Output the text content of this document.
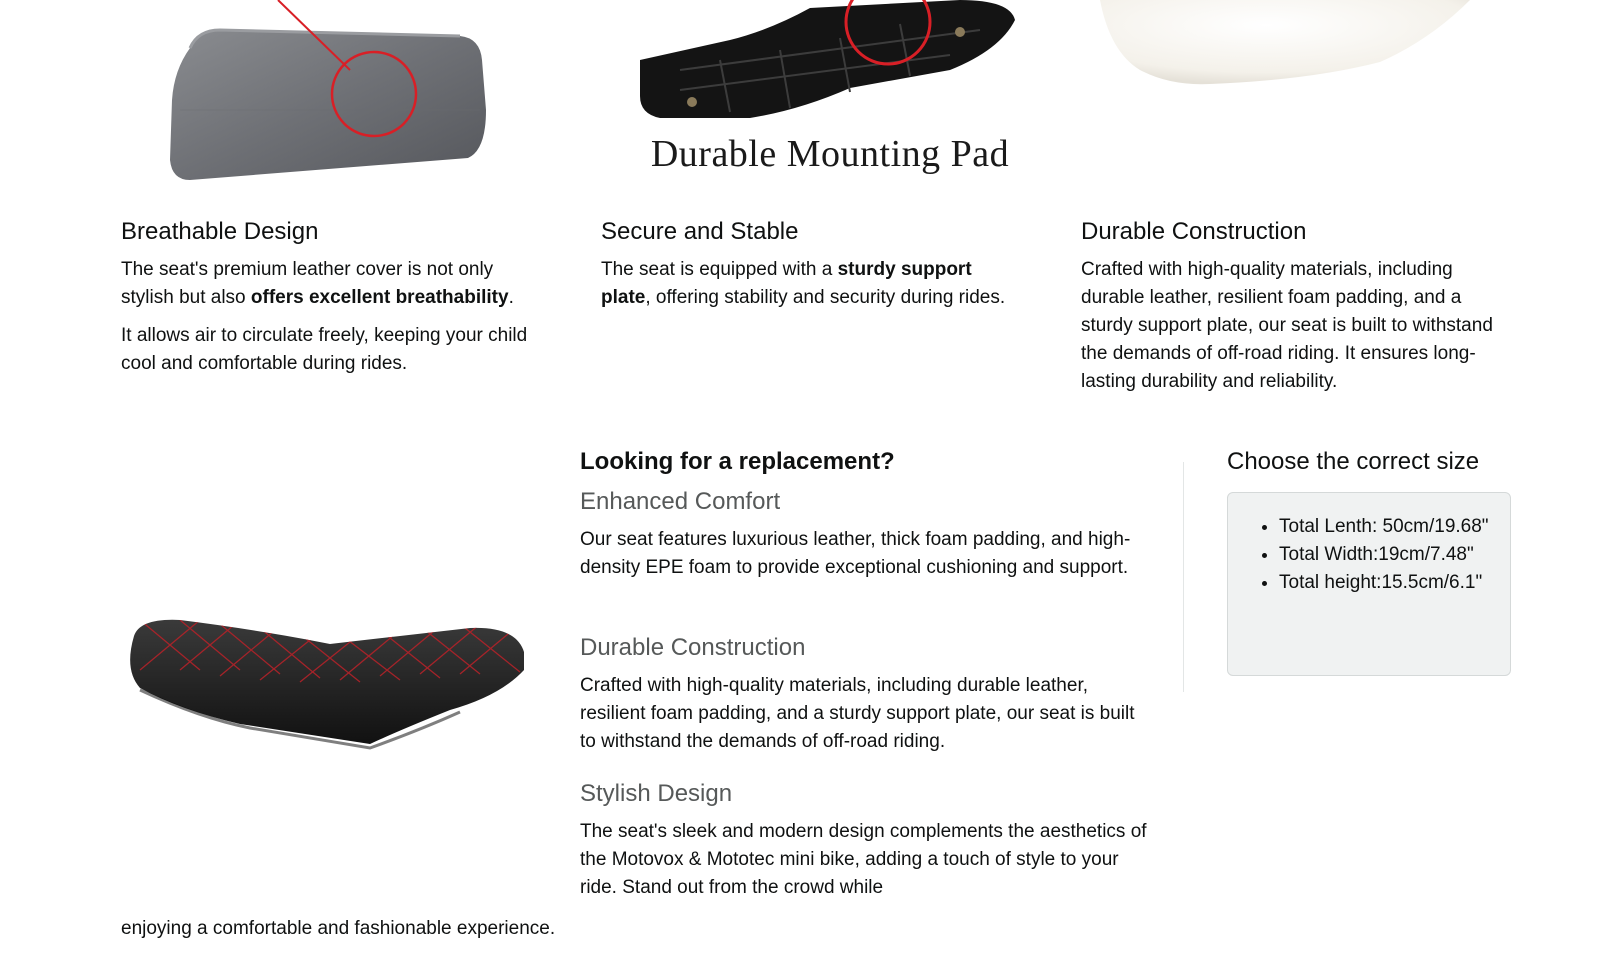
Durable Mounting Pad
Breathable Design

The seat's premium leather cover is not only stylish but also offers excellent breathability.

It allows air to circulate freely, keeping your child cool and comfortable during rides.

Secure and Stable

The seat is equipped with a sturdy support plate, offering stability and security during rides.

Durable Construction

Crafted with high-quality materials, including durable leather, resilient foam padding, and a sturdy support plate, our seat is built to withstand the demands of off-road riding. It ensures long-lasting durability and reliability.

Looking for a replacement?
Enhanced Comfort

Our seat features luxurious leather, thick foam padding, and high-density EPE foam to provide exceptional cushioning and support.

Durable Construction

Crafted with high-quality materials, including durable leather, resilient foam padding, and a sturdy support plate, our seat is built to withstand the demands of off-road riding.

Stylish Design

The seat's sleek and modern design complements the aesthetics of the Motovox & Mototec mini bike, adding a touch of style to your ride. Stand out from the crowd while

enjoying a comfortable and fashionable experience.

Choose the correct size
• Total Lenth: 50cm/19.68"
• Total Width:19cm/7.48"
• Total height:15.5cm/6.1"
